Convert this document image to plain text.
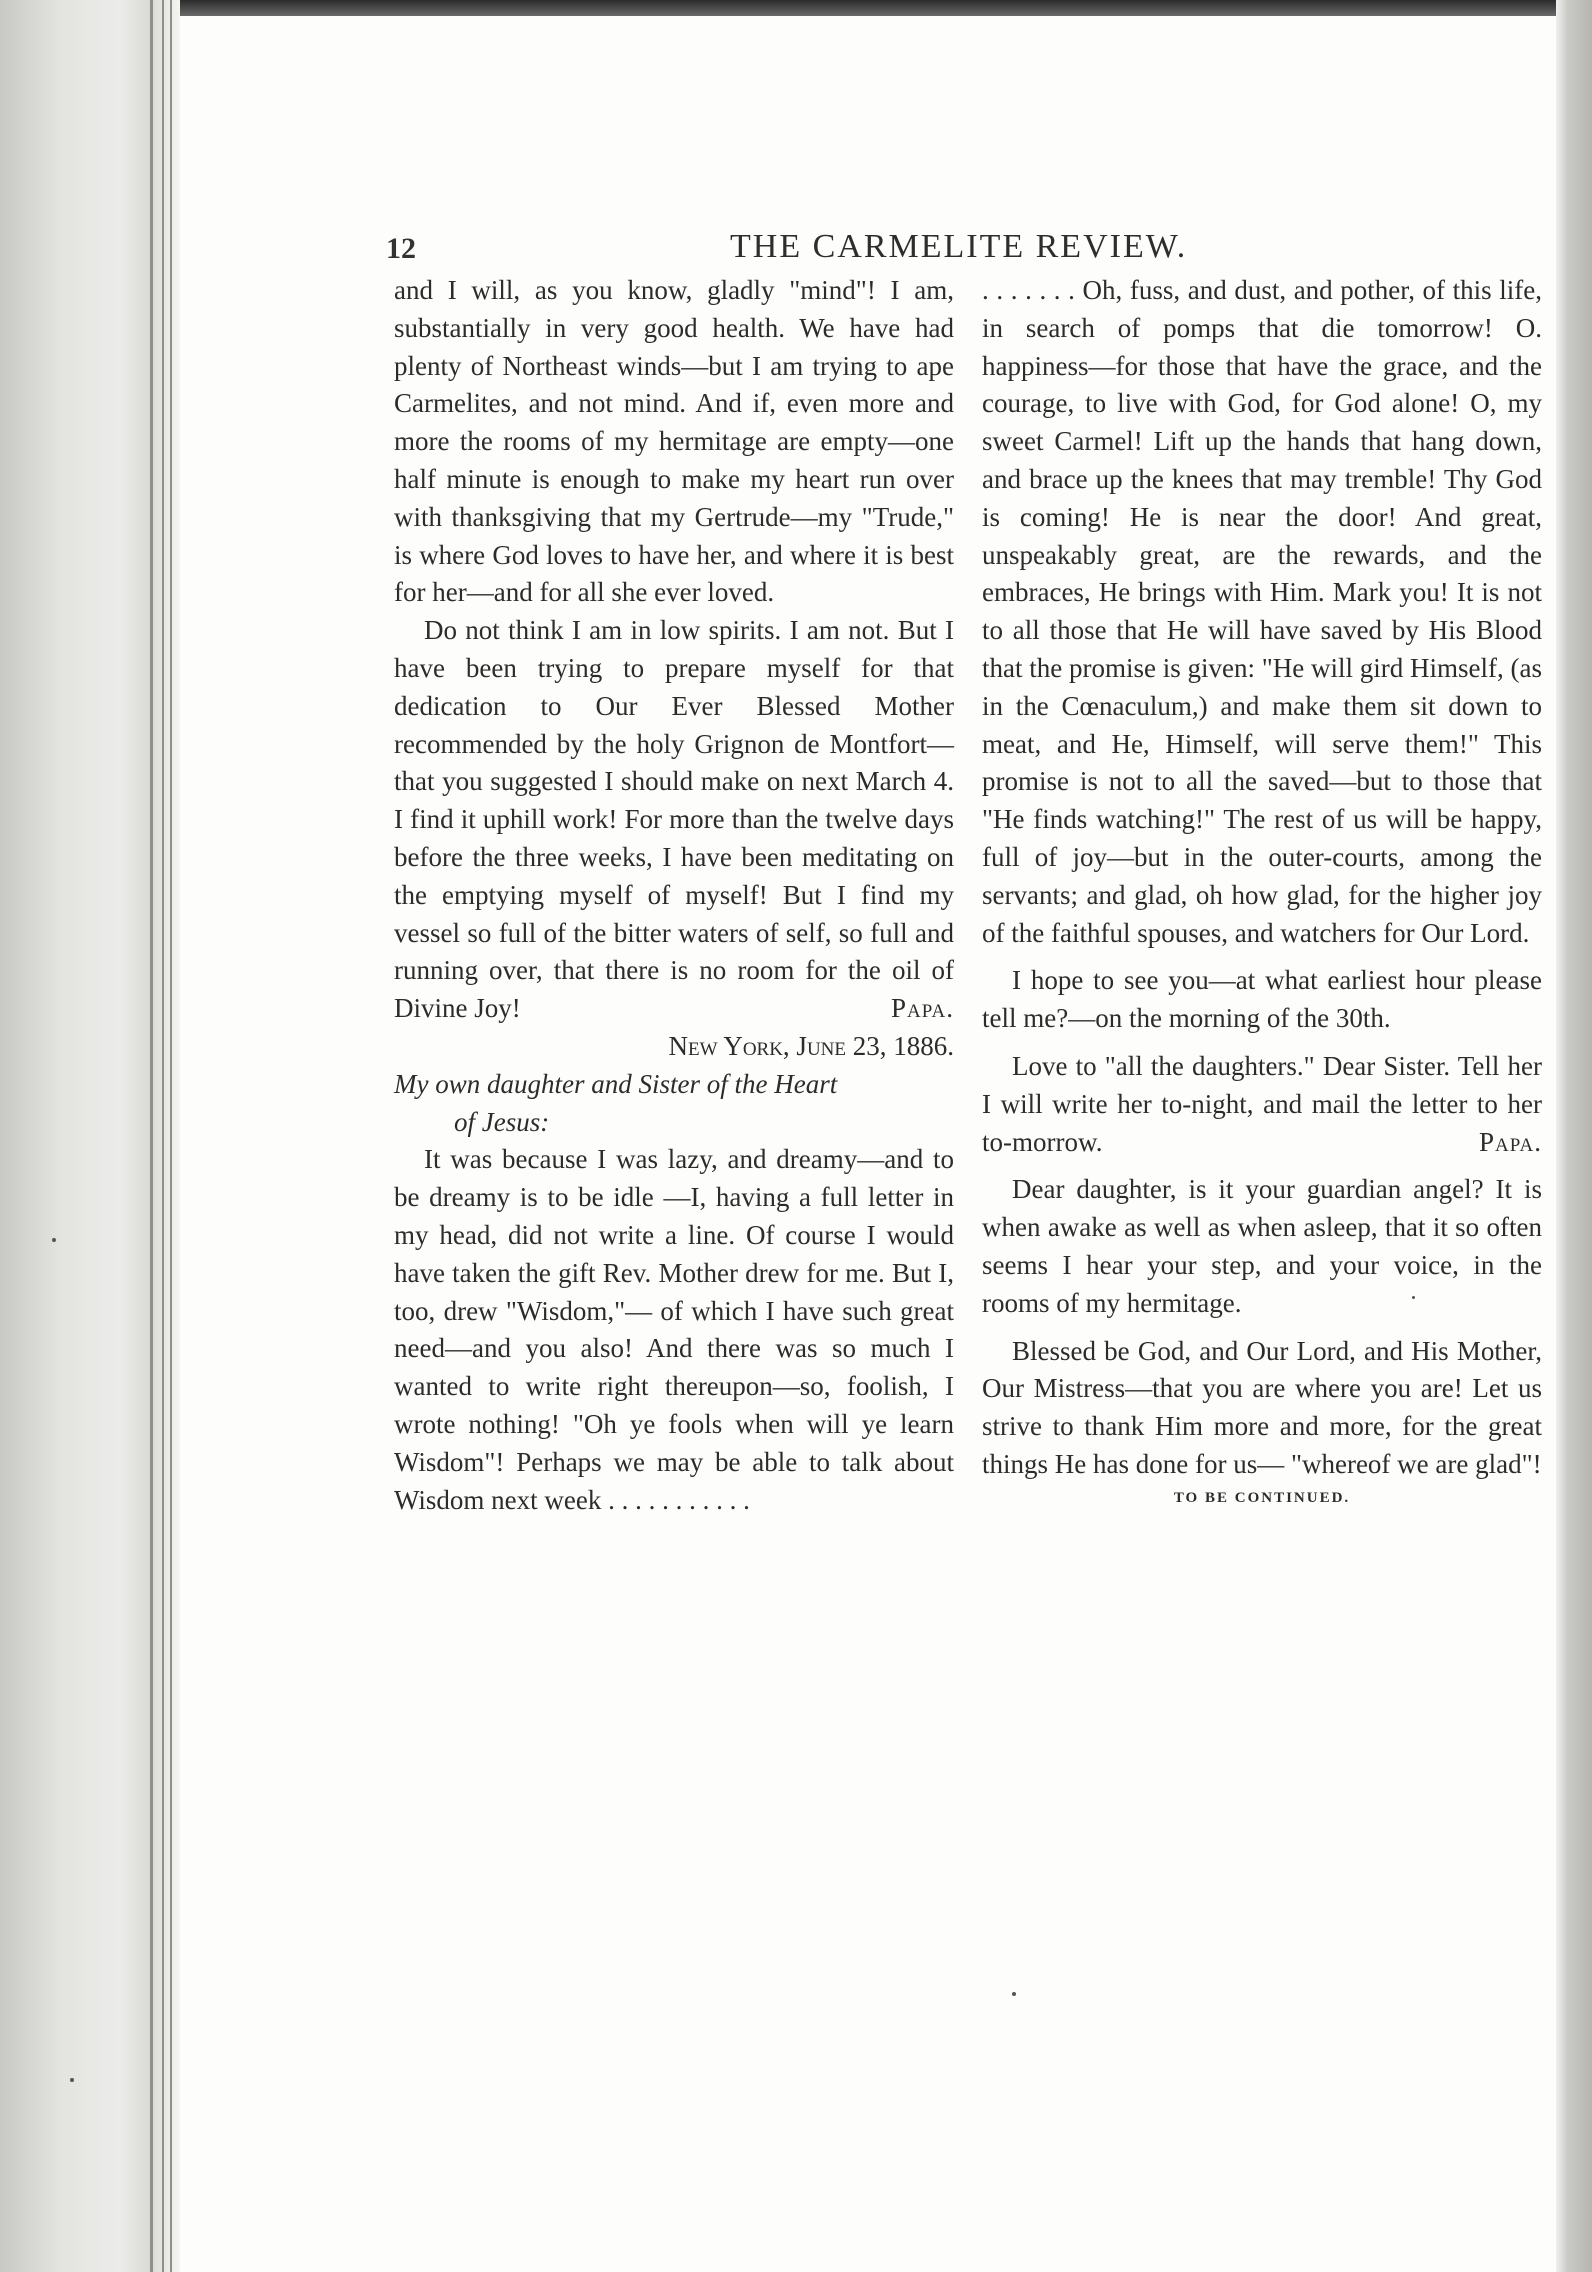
12	THE CARMELITE REVIEW.

and I will, as you know, gladly "mind"! I am, substantially in very good health. We have had plenty of Northeast winds—but I am trying to ape Carmelites, and not mind. And if, even more and more the rooms of my hermitage are empty—one half minute is enough to make my heart run over with thanksgiving that my Gertrude—my "Trude," is where God loves to have her, and where it is best for her—and for all she ever loved.

Do not think I am in low spirits. I am not. But I have been trying to prepare myself for that dedication to Our Ever Blessed Mother recommended by the holy Grignon de Montfort—that you suggested I should make on next March 4. I find it uphill work! For more than the twelve days before the three weeks, I have been meditating on the emptying myself of myself! But I find my vessel so full of the bitter waters of self, so full and running over, that there is no room for the oil of Divine Joy!	Papa.

New York, June 23, 1886.

My own daughter and Sister of the Heart
of Jesus:

It was because I was lazy, and dreamy—and to be dreamy is to be idle —I, having a full letter in my head, did not write a line. Of course I would have taken the gift Rev. Mother drew for me. But I, too, drew "Wisdom,"— of which I have such great need—and you also! And there was so much I wanted to write right thereupon—so, foolish, I wrote nothing! "Oh ye fools when will ye learn Wisdom"! Perhaps we may be able to talk about Wisdom next week . . . . . . . . . . .

. . . . . . . Oh, fuss, and dust, and pother, of this life, in search of pomps that die tomorrow! O. happiness—for those that have the grace, and the courage, to live with God, for God alone! O, my sweet Carmel! Lift up the hands that hang down, and brace up the knees that may tremble! Thy God is coming! He is near the door! And great, unspeakably great, are the rewards, and the embraces, He brings with Him. Mark you! It is not to all those that He will have saved by His Blood that the promise is given: "He will gird Himself, (as in the Cœnaculum,) and make them sit down to meat, and He, Himself, will serve them!" This promise is not to all the saved—but to those that "He finds watching!" The rest of us will be happy, full of joy—but in the outer-courts, among the servants; and glad, oh how glad, for the higher joy of the faithful spouses, and watchers for Our Lord.

I hope to see you—at what earliest hour please tell me?—on the morning of the 30th.

Love to "all the daughters." Dear Sister. Tell her I will write her to-night, and mail the letter to her to-morrow.	Papa.

Dear daughter, is it your guardian angel? It is when awake as well as when asleep, that it so often seems I hear your step, and your voice, in the rooms of my hermitage.

Blessed be God, and Our Lord, and His Mother, Our Mistress—that you are where you are! Let us strive to thank Him more and more, for the great things He has done for us— "whereof we are glad"!

TO BE CONTINUED.
